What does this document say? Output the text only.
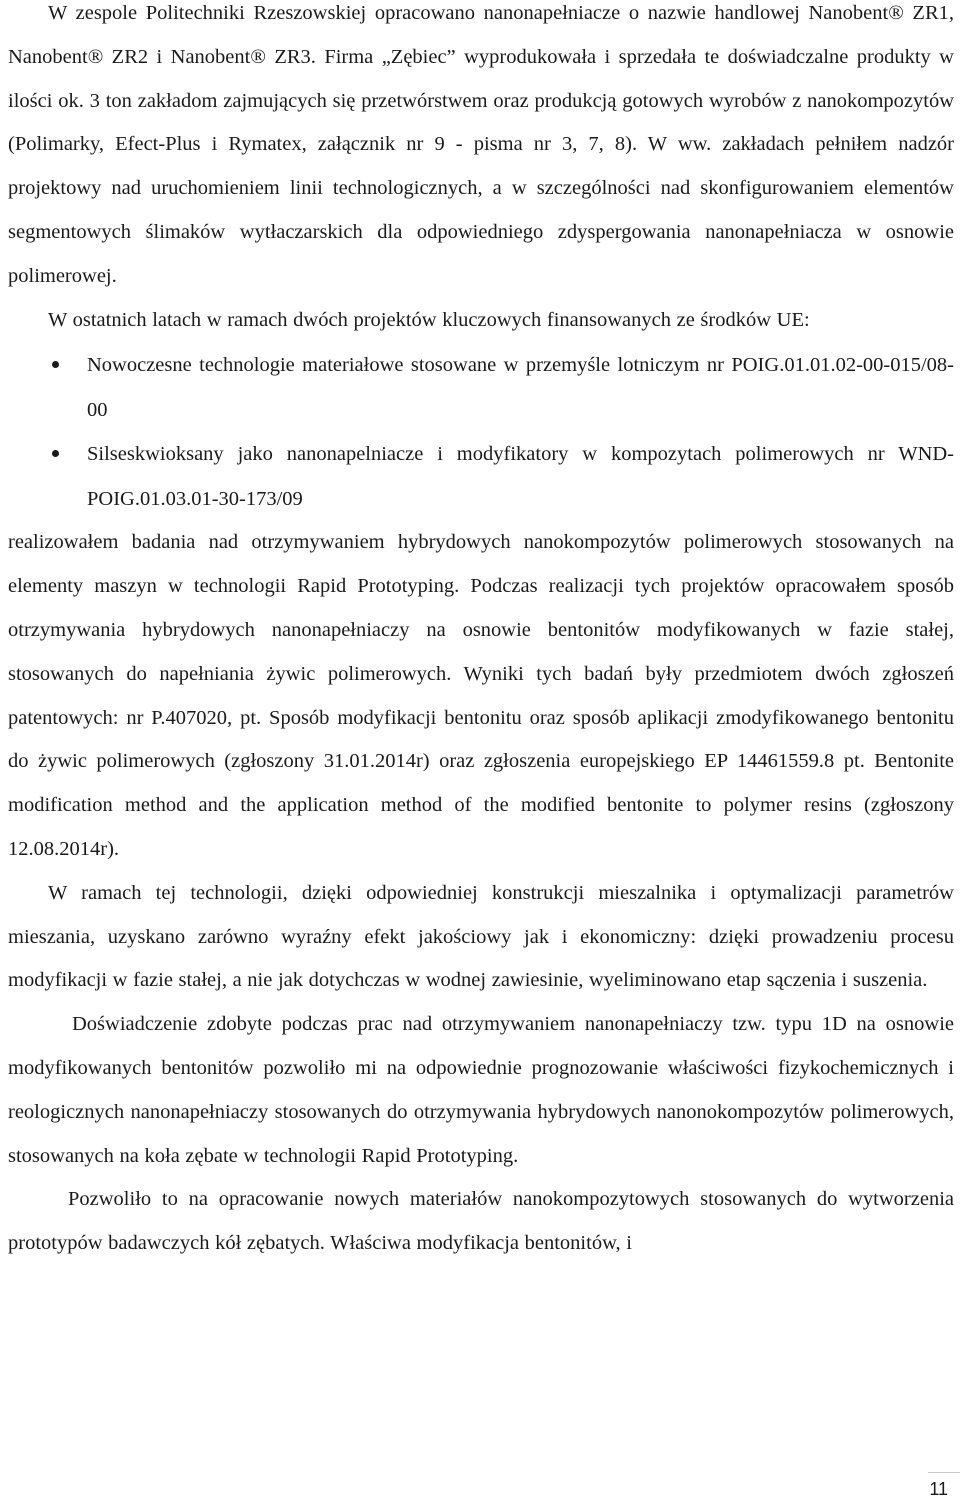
W zespole Politechniki Rzeszowskiej opracowano nanonapełniacze o nazwie handlowej Nanobent® ZR1, Nanobent® ZR2 i Nanobent® ZR3. Firma „Zębiec” wyprodukowała i sprzedała te doświadczalne produkty w ilości ok. 3 ton zakładom zajmujących się przetwórstwem oraz produkcją gotowych wyrobów z nanokompozytów (Polimarky, Efect-Plus i Rymatex, załącznik nr 9 - pisma nr 3, 7, 8). W ww. zakładach pełniłem nadzór projektowy nad uruchomieniem linii technologicznych, a w szczególności nad skonfigurowaniem elementów segmentowych ślimaków wytłaczarskich dla odpowiedniego zdyspergowania nanonapełniacza w osnowie polimerowej.

W ostatnich latach w ramach dwóch projektów kluczowych finansowanych ze środków UE:

Nowoczesne technologie materiałowe stosowane w przemyśle lotniczym nr POIG.01.01.02-00-015/08-00
Silseskwioksany jako nanonapelniacze i modyfikatory w kompozytach polimerowych nr WND-POIG.01.03.01-30-173/09

realizowałem badania nad otrzymywaniem hybrydowych nanokompozytów polimerowych stosowanych na elementy maszyn w technologii Rapid Prototyping. Podczas realizacji tych projektów opracowałem sposób otrzymywania hybrydowych nanonapełniaczy na osnowie bentonitów modyfikowanych w fazie stałej, stosowanych do napełniania żywic polimerowych. Wyniki tych badań były przedmiotem dwóch zgłoszeń patentowych: nr P.407020, pt. Sposób modyfikacji bentonitu oraz sposób aplikacji zmodyfikowanego bentonitu do żywic polimerowych (zgłoszony 31.01.2014r) oraz zgłoszenia europejskiego EP 14461559.8 pt. Bentonite modification method and the application method of the modified bentonite to polymer resins (zgłoszony 12.08.2014r).

W ramach tej technologii, dzięki odpowiedniej konstrukcji mieszalnika i optymalizacji parametrów mieszania, uzyskano zarówno wyraźny efekt jakościowy jak i ekonomiczny: dzięki prowadzeniu procesu modyfikacji w fazie stałej, a nie jak dotychczas w wodnej zawiesinie, wyeliminowano etap sączenia i suszenia.

Doświadczenie zdobyte podczas prac nad otrzymywaniem nanonapełniaczy tzw. typu 1D na osnowie modyfikowanych bentonitów pozwoliło mi na odpowiednie prognozowanie właściwości fizykochemicznych i reologicznych nanonapełniaczy stosowanych do otrzymywania hybrydowych nanonokompozytów polimerowych, stosowanych na koła zębate w technologii Rapid Prototyping.

Pozwoliło to na opracowanie nowych materiałów nanokompozytowych stosowanych do wytworzenia prototypów badawczych kół zębatych. Właściwa modyfikacja bentonitów, i

11
